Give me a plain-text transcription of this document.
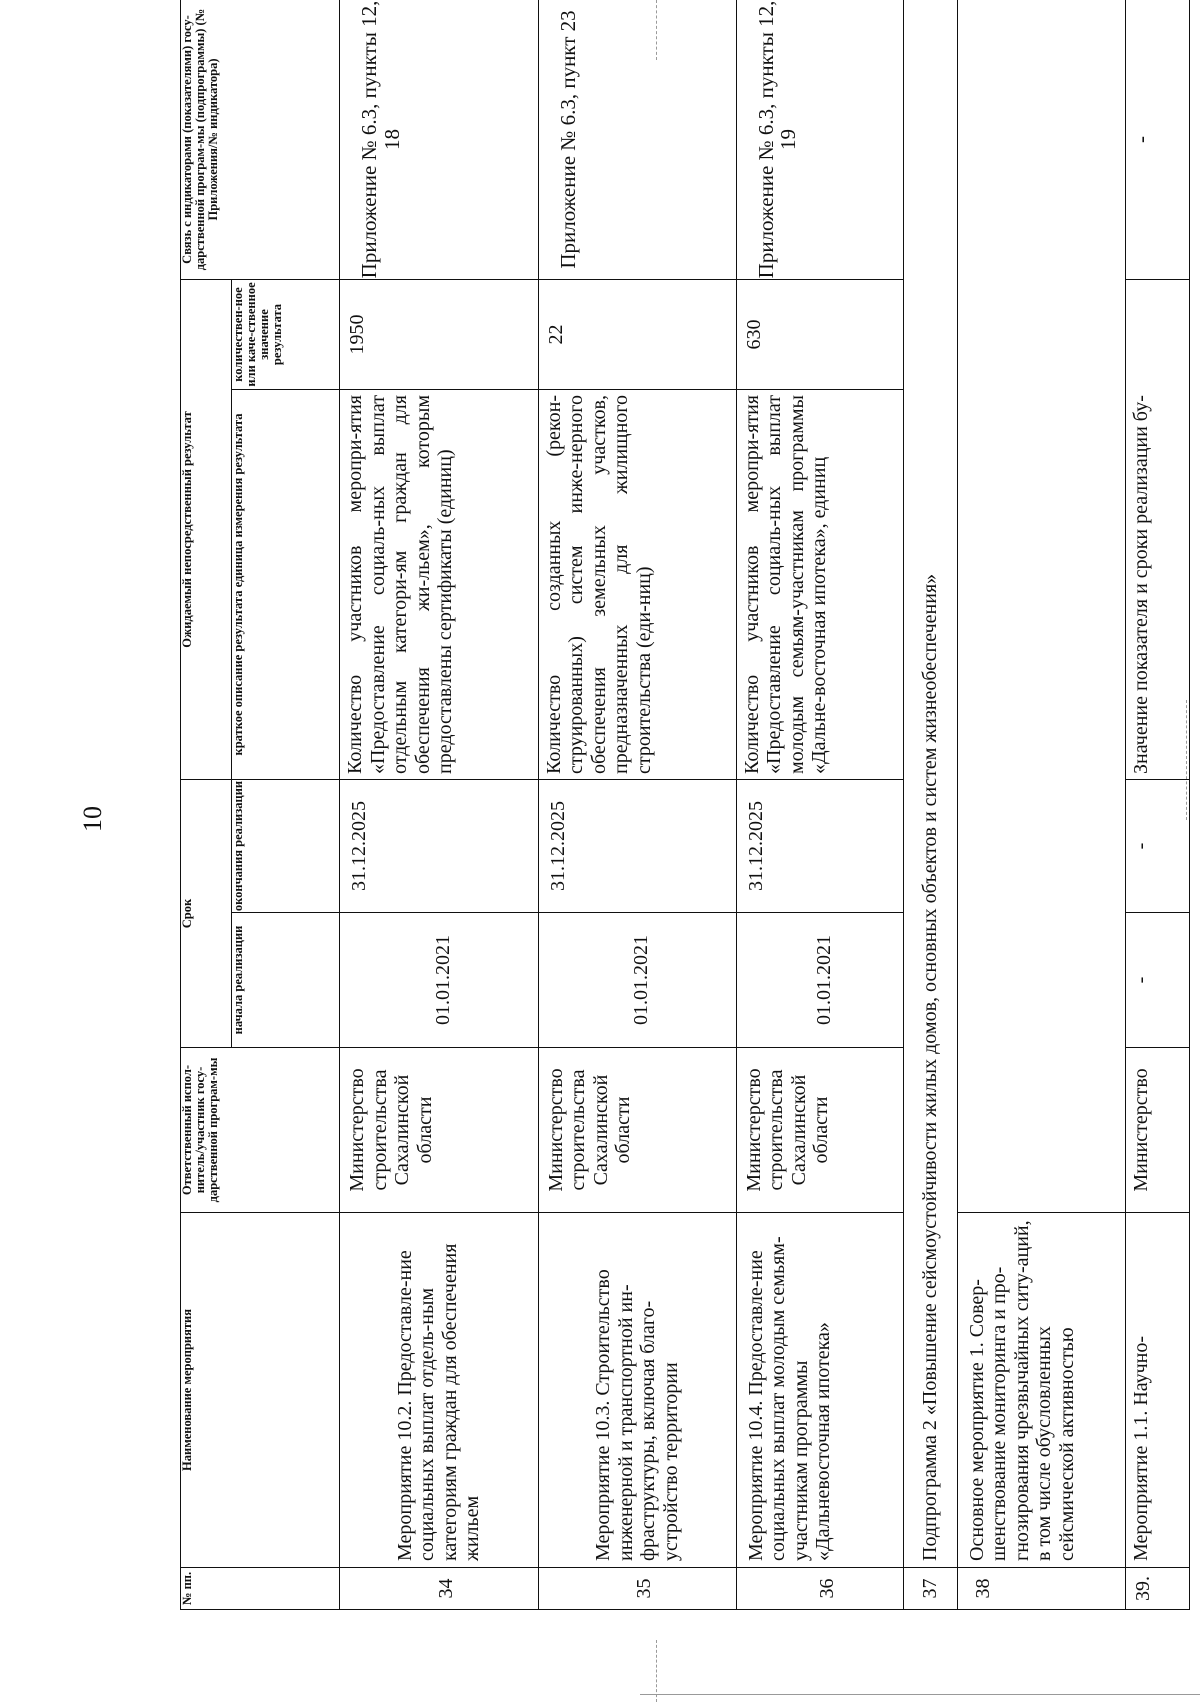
10
№ пп.	Наименование мероприятия	Ответственный испол-нитель/участник госу-дарственной програм-мы	Срок		Ожидаемый непосредственный результат		Связь с индикаторами (показателями) госу-дарственной програм-мы (подпрограммы) (№ Приложения/№ индикатора)
			начала реализации	окончания реализации	краткое описание результата единица измерения результата	количествен-ное или каче-ственное значение результата	
34	Мероприятие 10.2. Предоставле-ние социальных выплат отдель-ным категориям граждан для обеспечения жильем	Министерство строительства Сахалинской области	01.01.2021	31.12.2025	Количество участников меропри-ятия «Предоставление социаль-ных выплат отдельным категори-ям граждан для обеспечения жи-льем», которым предоставлены сертификаты (единиц)	1950	Приложение № 6.3, пункты 12, 18
35	Мероприятие 10.3. Строительство инженерной и транспортной ин-фраструктуры, включая благо-устройство территории	Министерство строительства Сахалинской области	01.01.2021	31.12.2025	Количество созданных (рекон-струированных) систем инже-нерного обеспечения земельных участков, предназначенных для жилищного строительства (еди-ниц)	22	Приложение № 6.3, пункт 23
36	Мероприятие 10.4. Предоставле-ние социальных выплат молодым семьям-участникам программы «Дальневосточная ипотека»	Министерство строительства Сахалинской области	01.01.2021	31.12.2025	Количество участников меропри-ятия «Предоставление социаль-ных выплат молодым семьям-участникам программы «Дальне-восточная ипотека», единиц	630	Приложение № 6.3, пункты 12, 19
37	Подпрограмма 2 «Повышение сейсмоустойчивости жилых домов, основных объектов и систем жизнеобеспечения»						
38	Основное мероприятие 1. Совер-шенствование мониторинга и про-гнозирования чрезвычайных ситу-аций, в том числе обусловленных сейсмической активностью						
39.	Мероприятие 1.1. Научно-	Министерство	-	-	Значение показателя и сроки реализации бу-		-
